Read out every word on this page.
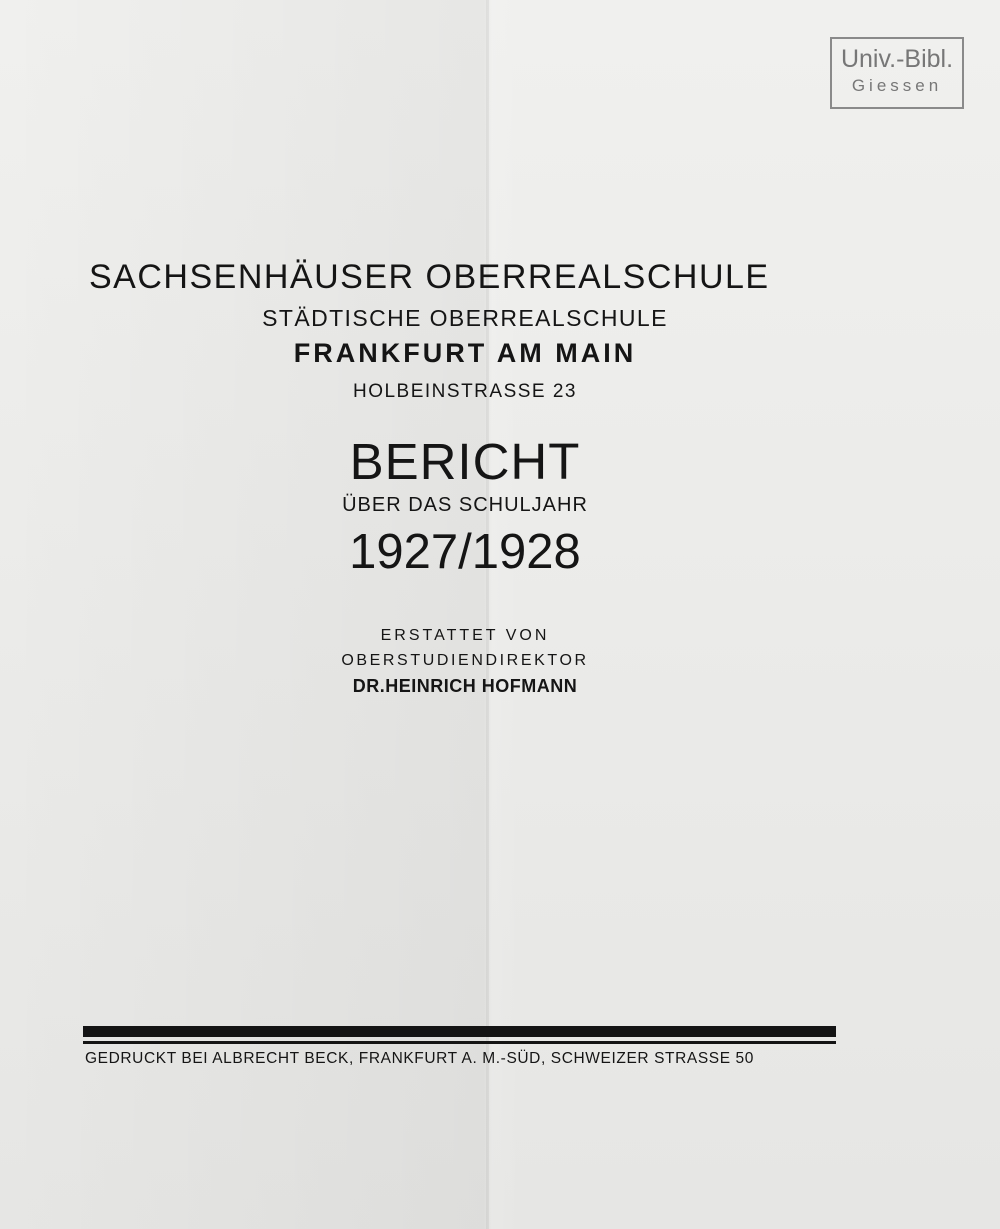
Univ.-Bibl.
Giessen
SACHSENHÄUSER OBERREALSCHULE
STÄDTISCHE OBERREALSCHULE
FRANKFURT AM MAIN
HOLBEINSTRASSE 23
BERICHT
ÜBER DAS SCHULJAHR
1927/1928
ERSTATTET VON
OBERSTUDIENDIREKTOR
DR.HEINRICH HOFMANN
GEDRUCKT BEI ALBRECHT BECK, FRANKFURT A. M.-SÜD, SCHWEIZER STRASSE 50
